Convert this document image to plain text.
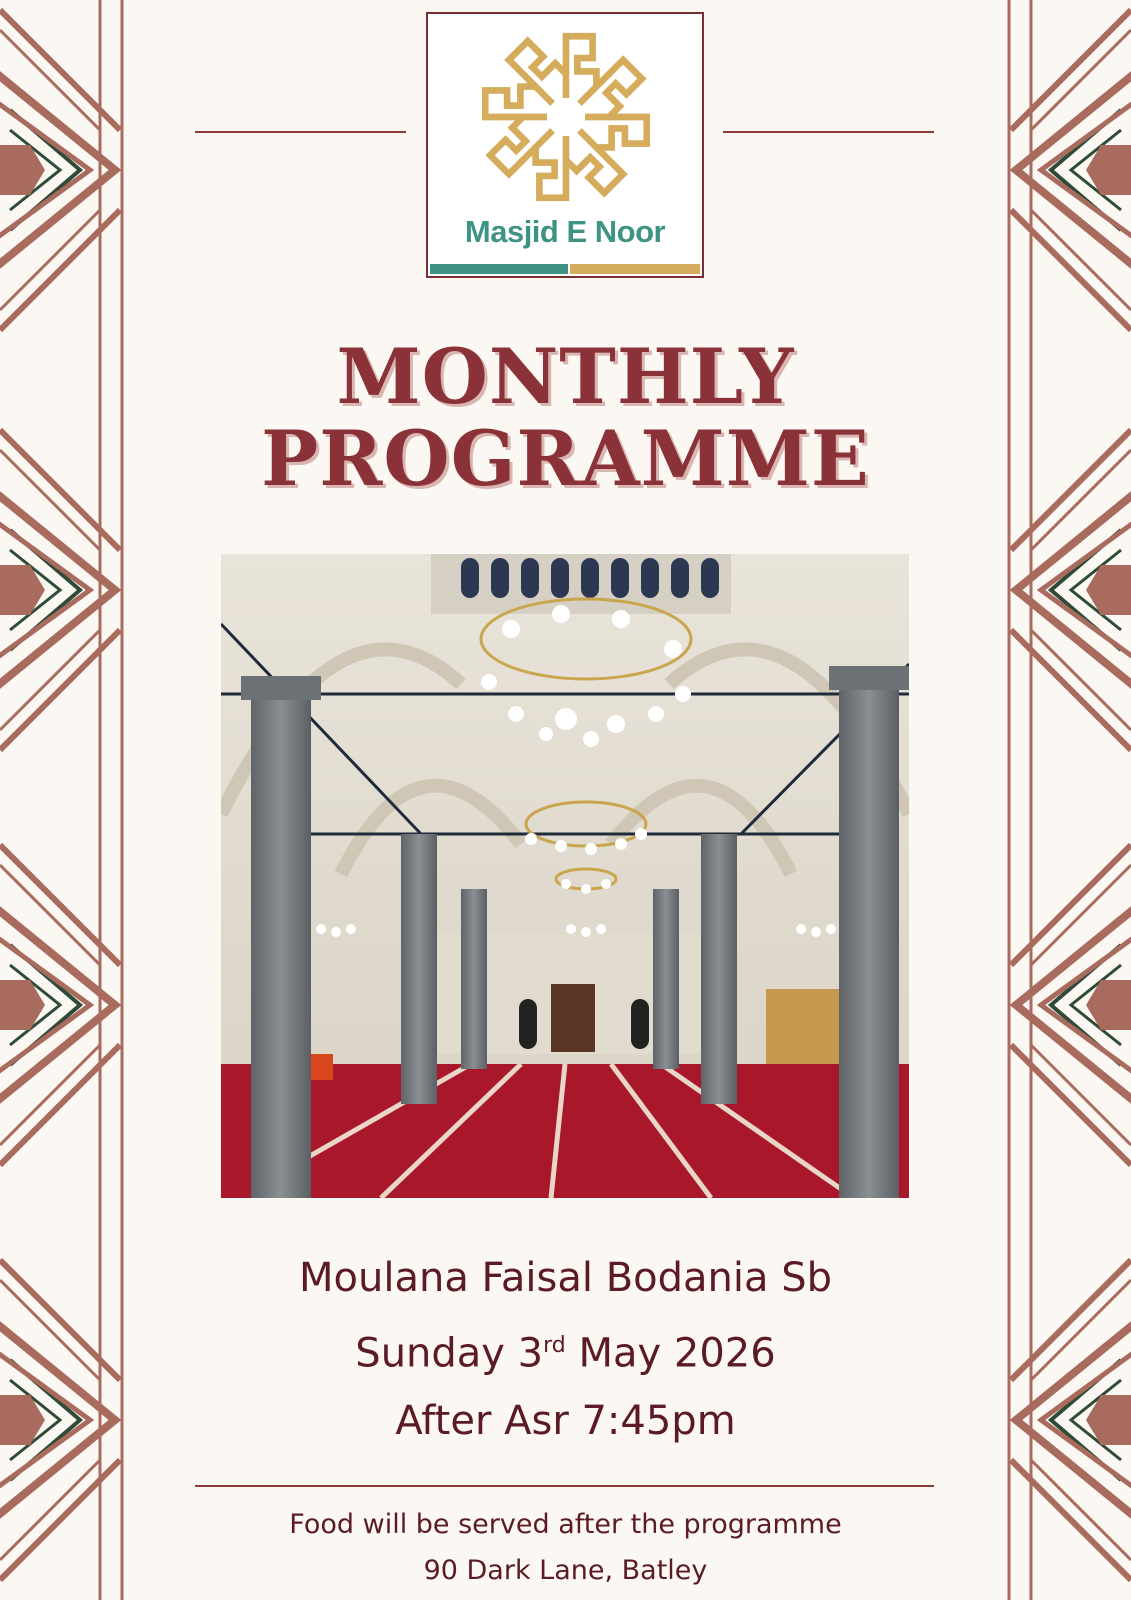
Masjid E Noor
MONTHLY
PROGRAMME
Moulana Faisal Bodania Sb
Sunday 3rd May 2026
After Asr 7:45pm
Food will be served after the programme
90 Dark Lane, Batley
